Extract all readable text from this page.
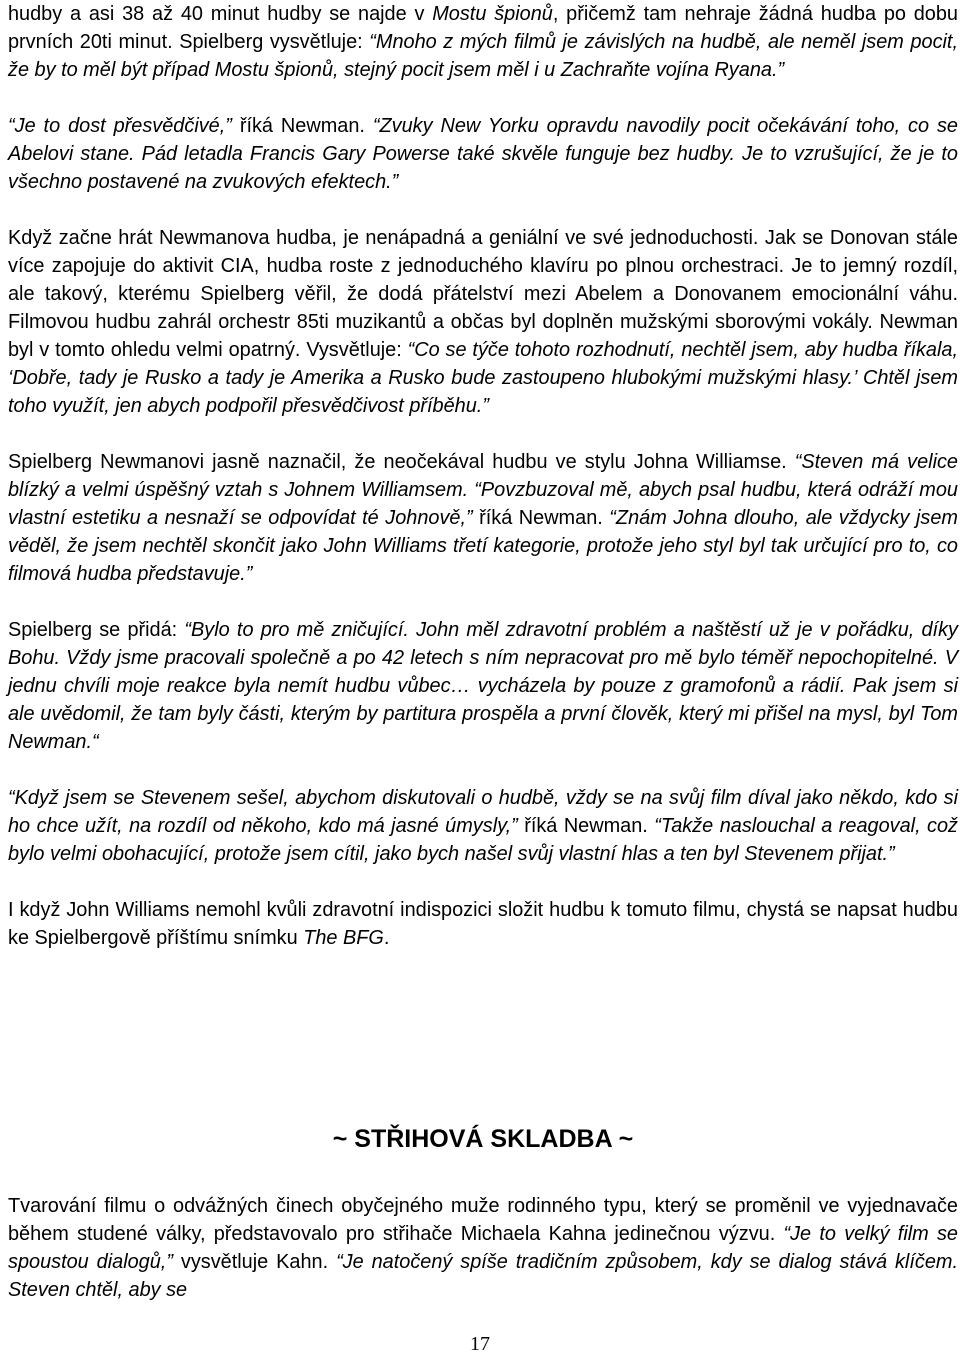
hudby a asi 38 až 40 minut hudby se najde v Mostu špionů, přičemž tam nehraje žádná hudba po dobu prvních 20ti minut. Spielberg vysvětluje: “Mnoho z mých filmů je závislých na hudbě, ale neměl jsem pocit, že by to měl být případ Mostu špionů, stejný pocit jsem měl i u Zachraňte vojína Ryana.”

“Je to dost přesvědčivé,” říká Newman. “Zvuky New Yorku opravdu navodily pocit očekávání toho, co se Abelovi stane. Pád letadla Francis Gary Powerse také skvěle funguje bez hudby. Je to vzrušující, že je to všechno postavené na zvukových efektech.”

Když začne hrát Newmanova hudba, je nenápadná a geniální ve své jednoduchosti. Jak se Donovan stále více zapojuje do aktivit CIA, hudba roste z jednoduchého klavíru po plnou orchestraci. Je to jemný rozdíl, ale takový, kterému Spielberg věřil, že dodá přátelství mezi Abelem a Donovanem emocionální váhu. Filmovou hudbu zahrál orchestr 85ti muzikantů a občas byl doplněn mužskými sborovými vokály. Newman byl v tomto ohledu velmi opatrný. Vysvětluje: “Co se týče tohoto rozhodnutí, nechtěl jsem, aby hudba říkala, ‘Dobře, tady je Rusko a tady je Amerika a Rusko bude zastoupeno hlubokými mužskými hlasy.’ Chtěl jsem toho využít, jen abych podpořil přesvědčivost příběhu.”

Spielberg Newmanovi jasně naznačil, že neočekával hudbu ve stylu Johna Williamse. “Steven má velice blízký a velmi úspěšný vztah s Johnem Williamsem. “Povzbuzoval mě, abych psal hudbu, která odráží mou vlastní estetiku a nesnaží se odpovídat té Johnově,” říká Newman. “Znám Johna dlouho, ale vždycky jsem věděl, že jsem nechtěl skončit jako John Williams třetí kategorie, protože jeho styl byl tak určující pro to, co filmová hudba představuje.”

Spielberg se přidá: “Bylo to pro mě zničující. John měl zdravotní problém a naštěstí už je v pořádku, díky Bohu. Vždy jsme pracovali společně a po 42 letech s ním nepracovat pro mě bylo téměř nepochopitelné. V jednu chvíli moje reakce byla nemít hudbu vůbec… vycházela by pouze z gramofonů a rádií. Pak jsem si ale uvědomil, že tam byly části, kterým by partitura prospěla a první člověk, který mi přišel na mysl, byl Tom Newman.“

“Když jsem se Stevenem sešel, abychom diskutovali o hudbě, vždy se na svůj film díval jako někdo, kdo si ho chce užít, na rozdíl od někoho, kdo má jasné úmysly,” říká Newman. “Takže naslouchal a reagoval, což bylo velmi obohacující, protože jsem cítil, jako bych našel svůj vlastní hlas a ten byl Stevenem přijat.”

I když John Williams nemohl kvůli zdravotní indispozici složit hudbu k tomuto filmu, chystá se napsat hudbu ke Spielbergově příštímu snímku The BFG.

~ STŘIHOVÁ SKLADBA ~

Tvarování filmu o odvážných činech obyčejného muže rodinného typu, který se proměnil ve vyjednavače během studené války, představovalo pro střihače Michaela Kahna jedinečnou výzvu. “Je to velký film se spoustou dialogů,” vysvětluje Kahn. “Je natočený spíše tradičním způsobem, kdy se dialog stává klíčem. Steven chtěl, aby se

17
